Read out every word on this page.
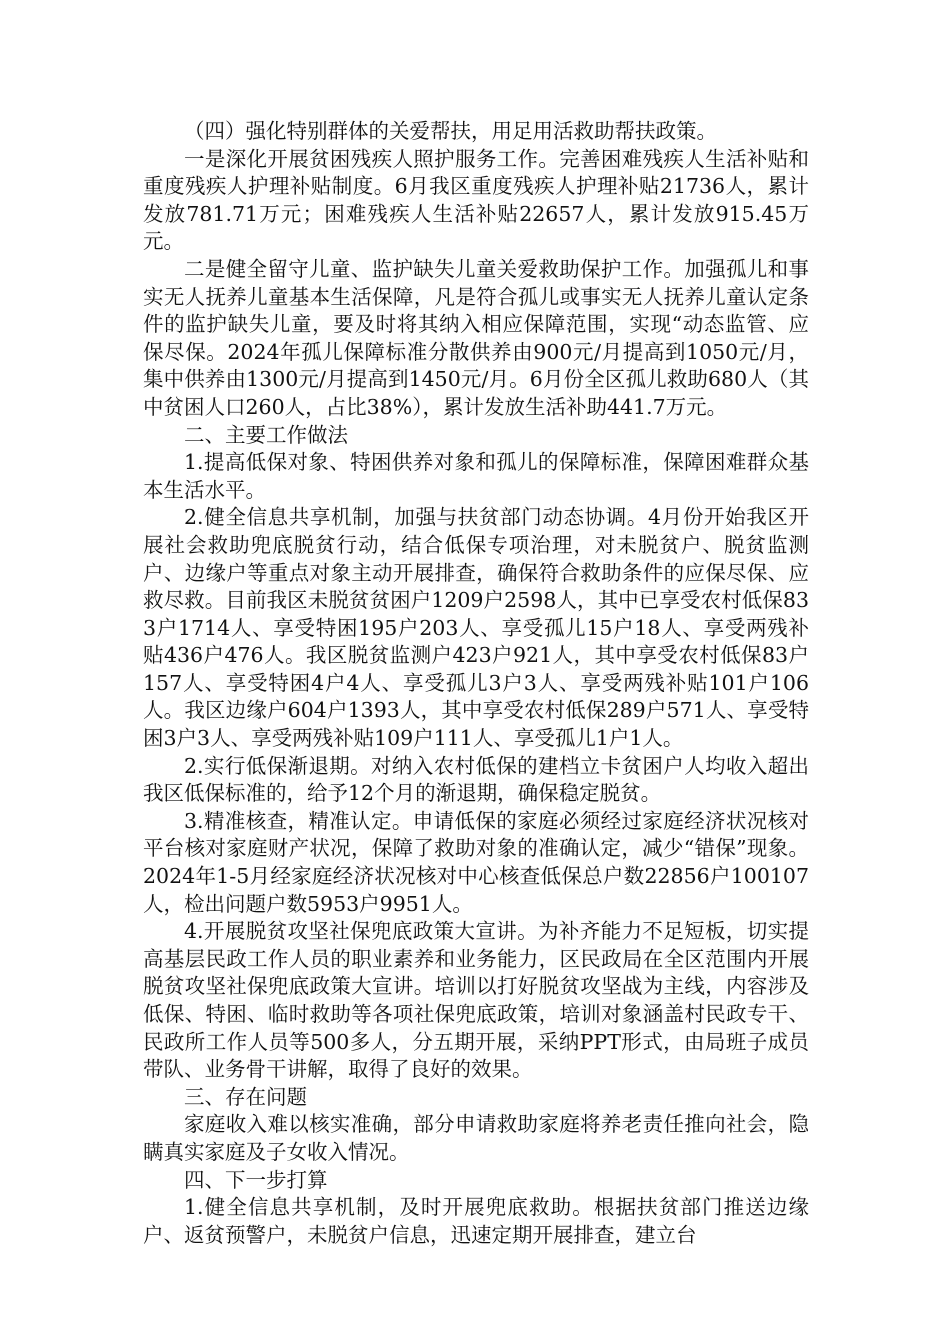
（四）强化特别群体的关爱帮扶，用足用活救助帮扶政策。

一是深化开展贫困残疾人照护服务工作。完善困难残疾人生活补贴和重度残疾人护理补贴制度。6月我区重度残疾人护理补贴21736人，累计发放781.71万元；困难残疾人生活补贴22657人，累计发放915.45万元。

二是健全留守儿童、监护缺失儿童关爱救助保护工作。加强孤儿和事实无人抚养儿童基本生活保障，凡是符合孤儿或事实无人抚养儿童认定条件的监护缺失儿童，要及时将其纳入相应保障范围，实现“动态监管、应保尽保。2024年孤儿保障标准分散供养由900元/月提高到1050元/月，集中供养由1300元/月提高到1450元/月。6月份全区孤儿救助680人（其中贫困人口260人，占比38%），累计发放生活补助441.7万元。

二、主要工作做法

1.提高低保对象、特困供养对象和孤儿的保障标准，保障困难群众基本生活水平。

2.健全信息共享机制，加强与扶贫部门动态协调。4月份开始我区开展社会救助兜底脱贫行动，结合低保专项治理，对未脱贫户、脱贫监测户、边缘户等重点对象主动开展排查，确保符合救助条件的应保尽保、应救尽救。目前我区未脱贫贫困户1209户2598人，其中已享受农村低保833户1714人、享受特困195户203人、享受孤儿15户18人、享受两残补贴436户476人。我区脱贫监测户423户921人，其中享受农村低保83户157人、享受特困4户4人、享受孤儿3户3人、享受两残补贴101户106人。我区边缘户604户1393人，其中享受农村低保289户571人、享受特困3户3人、享受两残补贴109户111人、享受孤儿1户1人。

2.实行低保渐退期。对纳入农村低保的建档立卡贫困户人均收入超出我区低保标准的，给予12个月的渐退期，确保稳定脱贫。

3.精准核查，精准认定。申请低保的家庭必须经过家庭经济状况核对平台核对家庭财产状况，保障了救助对象的准确认定，减少“错保”现象。2024年1-5月经家庭经济状况核对中心核查低保总户数22856户100107人，检出问题户数5953户9951人。

4.开展脱贫攻坚社保兜底政策大宣讲。为补齐能力不足短板，切实提高基层民政工作人员的职业素养和业务能力，区民政局在全区范围内开展脱贫攻坚社保兜底政策大宣讲。培训以打好脱贫攻坚战为主线，内容涉及低保、特困、临时救助等各项社保兜底政策，培训对象涵盖村民政专干、民政所工作人员等500多人，分五期开展，采纳PPT形式，由局班子成员带队、业务骨干讲解，取得了良好的效果。

三、存在问题

家庭收入难以核实准确，部分申请救助家庭将养老责任推向社会，隐瞒真实家庭及子女收入情况。

四、下一步打算

1.健全信息共享机制，及时开展兜底救助。根据扶贫部门推送边缘户、返贫预警户，未脱贫户信息，迅速定期开展排查，建立台
